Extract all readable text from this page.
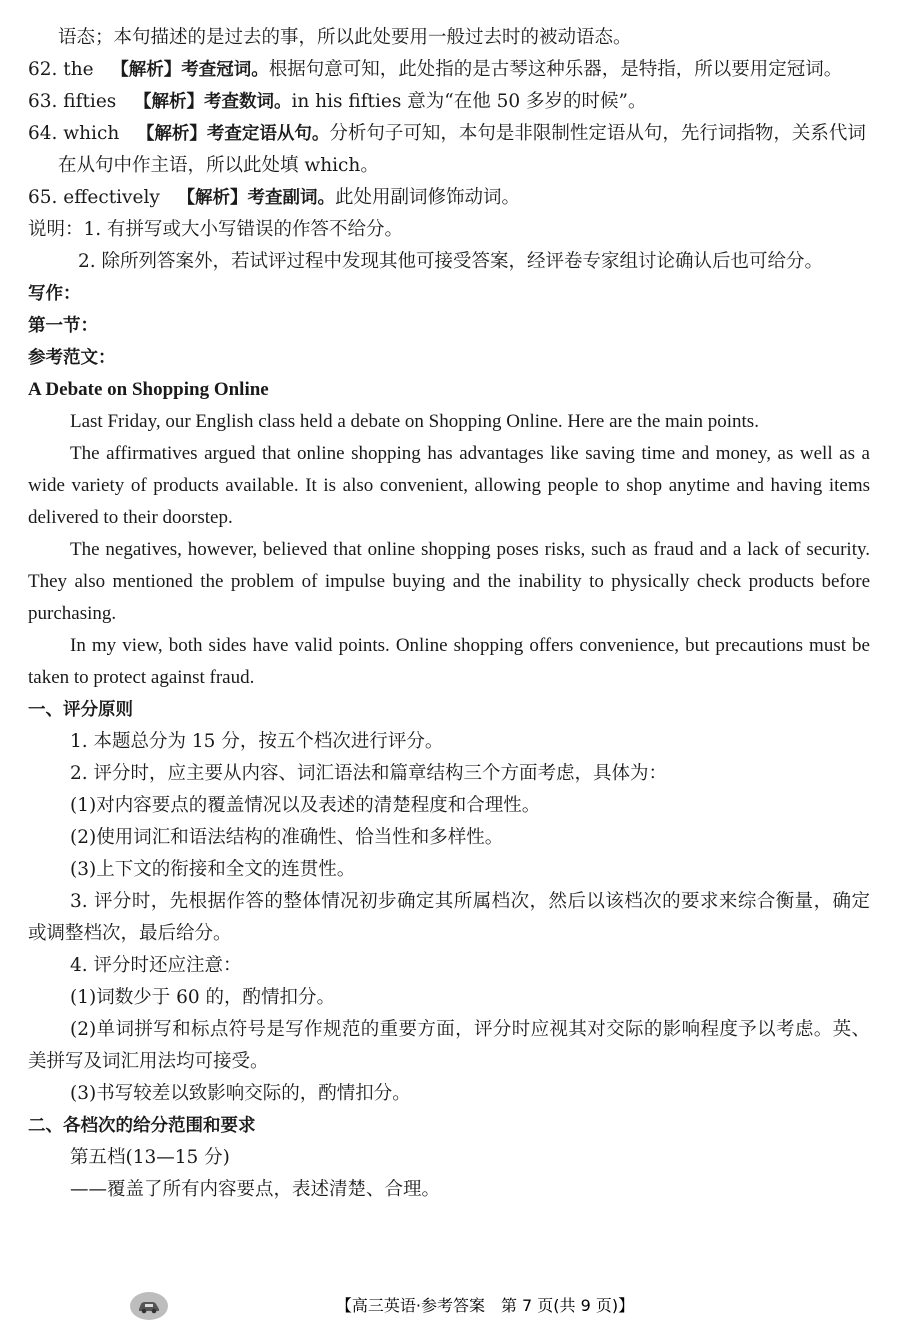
语态；本句描述的是过去的事，所以此处要用一般过去时的被动语态。

62. the 【解析】考查冠词。根据句意可知，此处指的是古琴这种乐器，是特指，所以要用定冠词。

63. fifties 【解析】考查数词。in his fifties 意为“在他 50 多岁的时候”。

64. which 【解析】考查定语从句。分析句子可知，本句是非限制性定语从句，先行词指物，关系代词在从句中作主语，所以此处填 which。

65. effectively 【解析】考查副词。此处用副词修饰动词。

说明：1. 有拼写或大小写错误的作答不给分。

2. 除所列答案外，若试评过程中发现其他可接受答案，经评卷专家组讨论确认后也可给分。

写作：

第一节：

参考范文：

A Debate on Shopping Online

Last Friday, our English class held a debate on Shopping Online. Here are the main points.

The affirmatives argued that online shopping has advantages like saving time and money, as well as a wide variety of products available. It is also convenient, allowing people to shop anytime and having items delivered to their doorstep.

The negatives, however, believed that online shopping poses risks, such as fraud and a lack of security. They also mentioned the problem of impulse buying and the inability to physically check products before purchasing.

In my view, both sides have valid points. Online shopping offers convenience, but precautions must be taken to protect against fraud.

一、评分原则

1. 本题总分为 15 分，按五个档次进行评分。

2. 评分时，应主要从内容、词汇语法和篇章结构三个方面考虑，具体为：

(1)对内容要点的覆盖情况以及表述的清楚程度和合理性。

(2)使用词汇和语法结构的准确性、恰当性和多样性。

(3)上下文的衔接和全文的连贯性。

3. 评分时，先根据作答的整体情况初步确定其所属档次，然后以该档次的要求来综合衡量，确定或调整档次，最后给分。

4. 评分时还应注意：

(1)词数少于 60 的，酌情扣分。

(2)单词拼写和标点符号是写作规范的重要方面，评分时应视其对交际的影响程度予以考虑。英、美拼写及词汇用法均可接受。

(3)书写较差以致影响交际的，酌情扣分。

二、各档次的给分范围和要求

第五档(13—15 分)

——覆盖了所有内容要点，表述清楚、合理。

【高三英语·参考答案　第 7 页(共 9 页)】
